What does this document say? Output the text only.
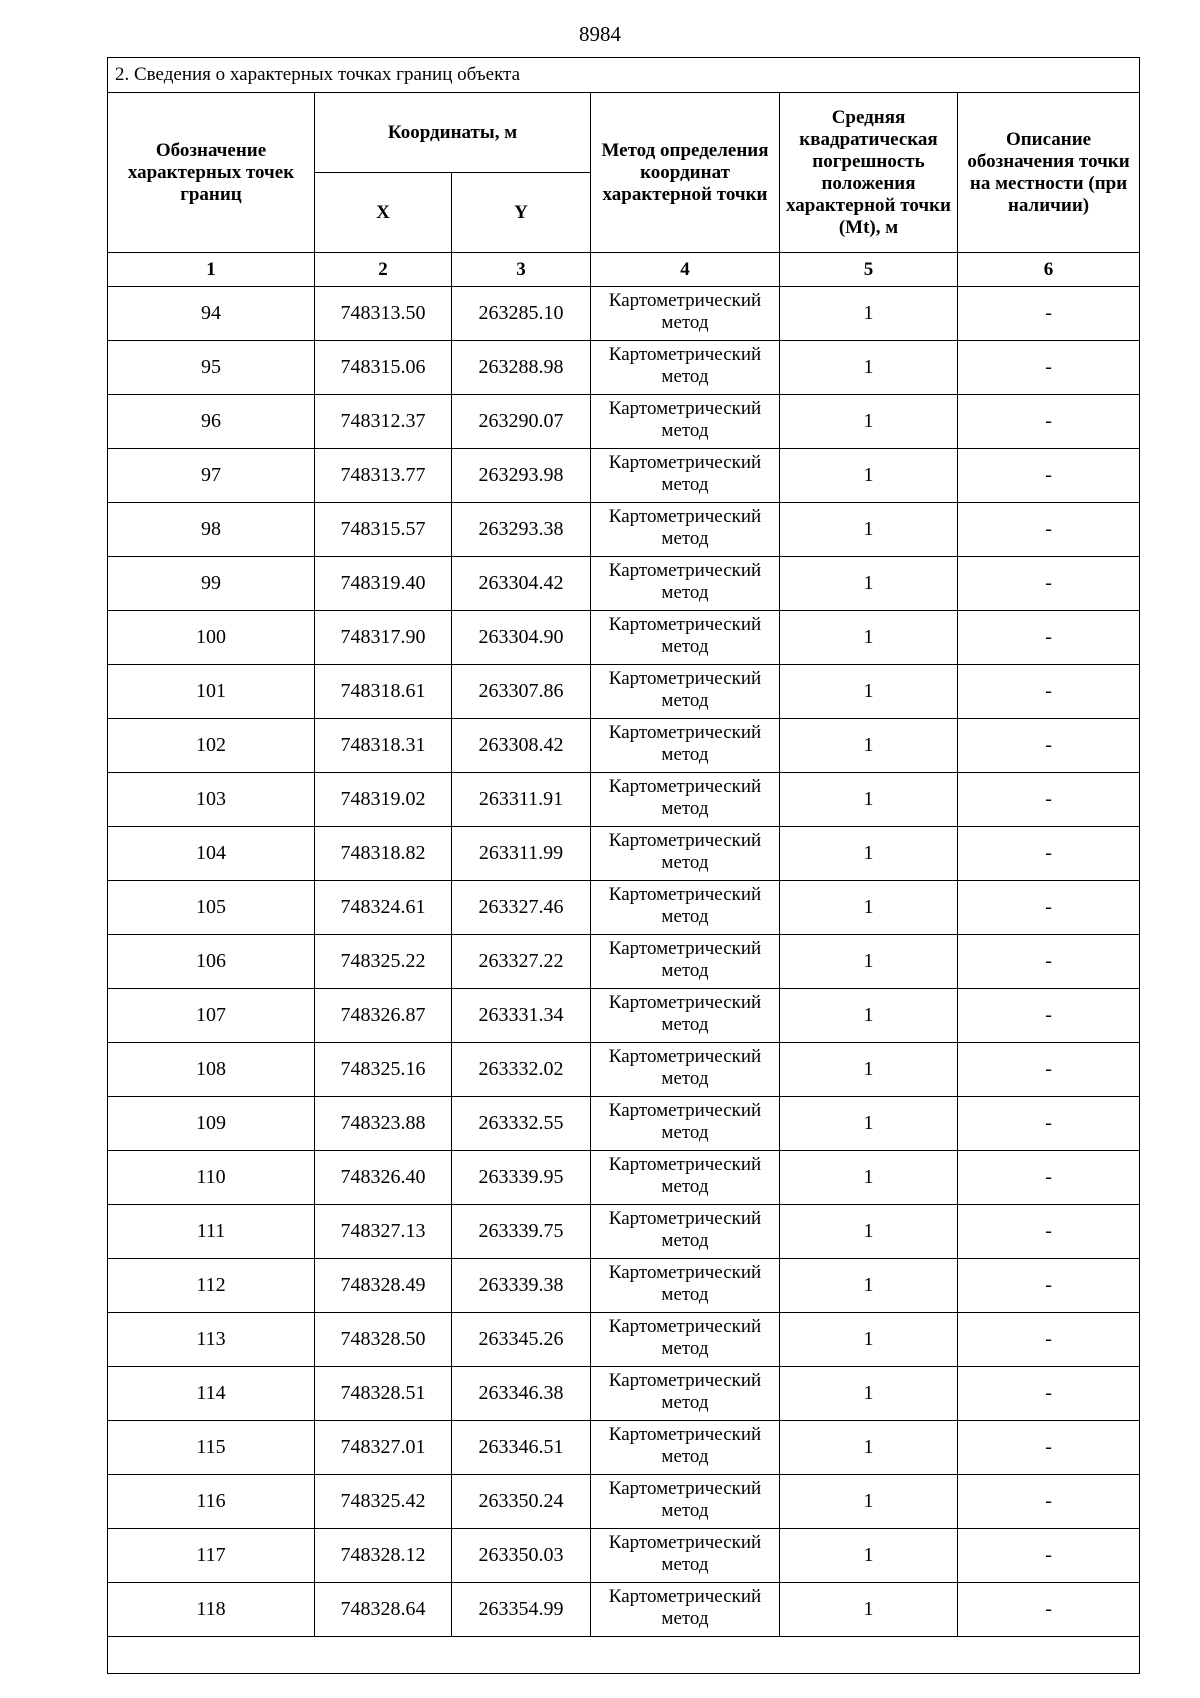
8984
2. Сведения о характерных точках границ объекта					
Обозначение характерных точек границ	Координаты, м		Метод определения координат характерной точки	Средняя квадратическая погрешность положения характерной точки (Mt), м	Описание обозначения точки на местности (при наличии)
	X	Y			
1	2	3	4	5	6
94	748313.50	263285.10	Картометрический метод	1	-
95	748315.06	263288.98	Картометрический метод	1	-
96	748312.37	263290.07	Картометрический метод	1	-
97	748313.77	263293.98	Картометрический метод	1	-
98	748315.57	263293.38	Картометрический метод	1	-
99	748319.40	263304.42	Картометрический метод	1	-
100	748317.90	263304.90	Картометрический метод	1	-
101	748318.61	263307.86	Картометрический метод	1	-
102	748318.31	263308.42	Картометрический метод	1	-
103	748319.02	263311.91	Картометрический метод	1	-
104	748318.82	263311.99	Картометрический метод	1	-
105	748324.61	263327.46	Картометрический метод	1	-
106	748325.22	263327.22	Картометрический метод	1	-
107	748326.87	263331.34	Картометрический метод	1	-
108	748325.16	263332.02	Картометрический метод	1	-
109	748323.88	263332.55	Картометрический метод	1	-
110	748326.40	263339.95	Картометрический метод	1	-
111	748327.13	263339.75	Картометрический метод	1	-
112	748328.49	263339.38	Картометрический метод	1	-
113	748328.50	263345.26	Картометрический метод	1	-
114	748328.51	263346.38	Картометрический метод	1	-
115	748327.01	263346.51	Картометрический метод	1	-
116	748325.42	263350.24	Картометрический метод	1	-
117	748328.12	263350.03	Картометрический метод	1	-
118	748328.64	263354.99	Картометрический метод	1	-
